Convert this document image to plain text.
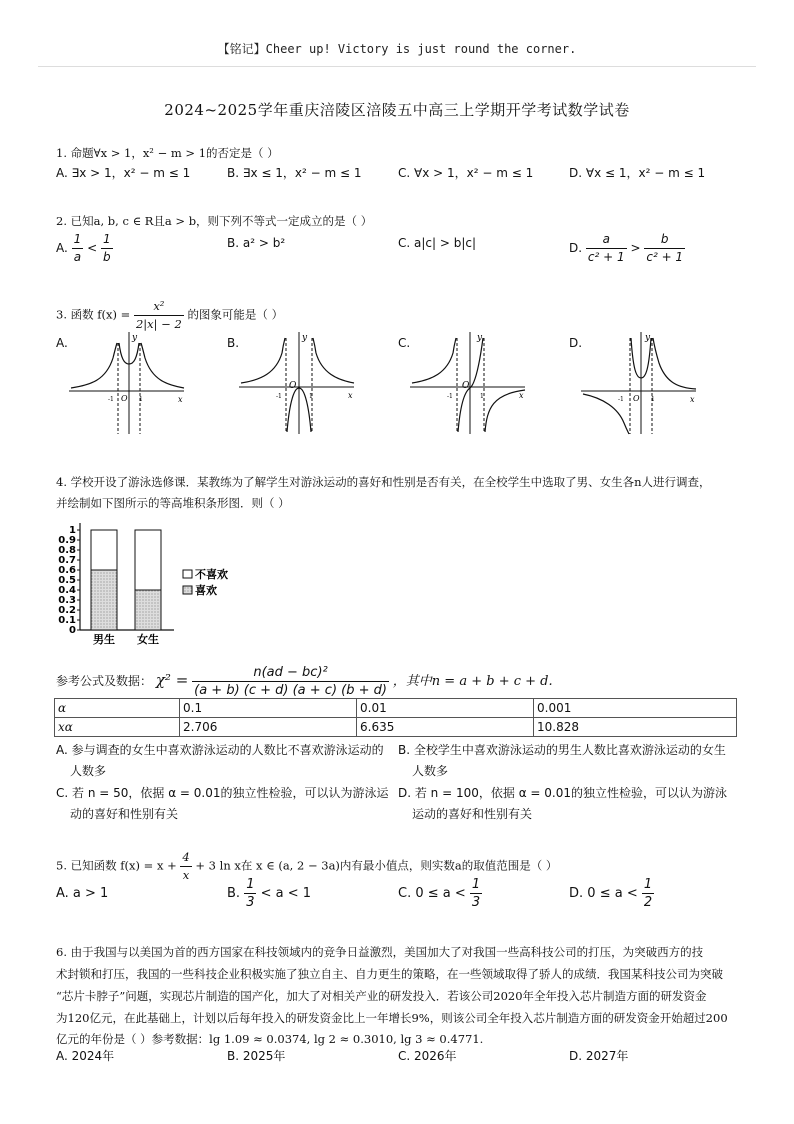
【铭记】Cheer up! Victory is just round the corner.
2024~2025学年重庆涪陵区涪陵五中高三上学期开学考试数学试卷
1. 命题∀x > 1，x² − m > 1的否定是（ ）
A. ∃x > 1，x² − m ≤ 1	B. ∃x ≤ 1，x² − m ≤ 1	C. ∀x > 1，x² − m ≤ 1	D. ∀x ≤ 1，x² − m ≤ 1
2. 已知a, b, c ∈ R且a > b，则下列不等式一定成立的是（ ）
A. $\frac{1}{a} < \frac{1}{b}$	B. a² > b²	C. a|c| > b|c|	D. $\frac{a}{\text{c² + 1}} > \frac{b}{\text{c² + 1}}$
3. 函数 $f(x) = \frac{\text{x²}}{2|x| - 2}$ 的图象可能是（ ）
A.	B.	C.	D.
x
y
O
-1	1	x
y
O
-1	1	x
y
O
-1	1	x
y
O
-1	1
4. 学校开设了游泳选修课．某教练为了解学生对游泳运动的喜好和性别是否有关，在全校学生中选取了男、女生各n人进行调查，
并绘制如下图所示的等高堆积条形图．则（ ）
1
0.9
0.8
0.7
0.6
0.5
0.4
0.3
0.2
0.1
0
男生 女生
不喜欢
喜欢
参考公式及数据： $\chi^2 = \frac{\text{n(ad − bc)²}}{(a + b) (c + d) (a + c) (b + d)}$ ，其中n = a + b + c + d.
α	0.1	0.01	0.001
xα	2.706	6.635	10.828
A. 参与调查的女生中喜欢游泳运动的人数比不喜欢游泳运动的
人数多
B. 全校学生中喜欢游泳运动的男生人数比喜欢游泳运动的女生
人数多
C. 若 n = 50，依据 α = 0.01的独立性检验，可以认为游泳运
动的喜好和性别有关
D. 若 n = 100，依据 α = 0.01的独立性检验，可以认为游泳
运动的喜好和性别有关
5. 已知函数 $f(x) = x + \frac{4}{x} + 3$ ln x在 x ∈ (a, 2 − 3a)内有最小值点，则实数a的取值范围是（ ）
A. a > 1	B. $\frac{1}{3} < a < 1$	C. $0 \le a < \frac{1}{3}$	D. $0 \le a < \frac{1}{2}$
6. 由于我国与以美国为首的西方国家在科技领域内的竞争日益激烈，美国加大了对我国一些高科技公司的打压，为突破西方的技
术封锁和打压，我国的一些科技企业积极实施了独立自主、自力更生的策略，在一些领域取得了骄人的成绩．我国某科技公司为突破
“芯片卡脖子”问题，实现芯片制造的国产化，加大了对相关产业的研发投入．若该公司2020年全年投入芯片制造方面的研发资金
为120亿元，在此基础上，计划以后每年投入的研发资金比上一年增长9%，则该公司全年投入芯片制造方面的研发资金开始超过200
亿元的年份是（ ）参考数据：lg 1.09 ≈ 0.0374, lg 2 ≈ 0.3010, lg 3 ≈ 0.4771.
A. 2024年	B. 2025年	C. 2026年	D. 2027年
